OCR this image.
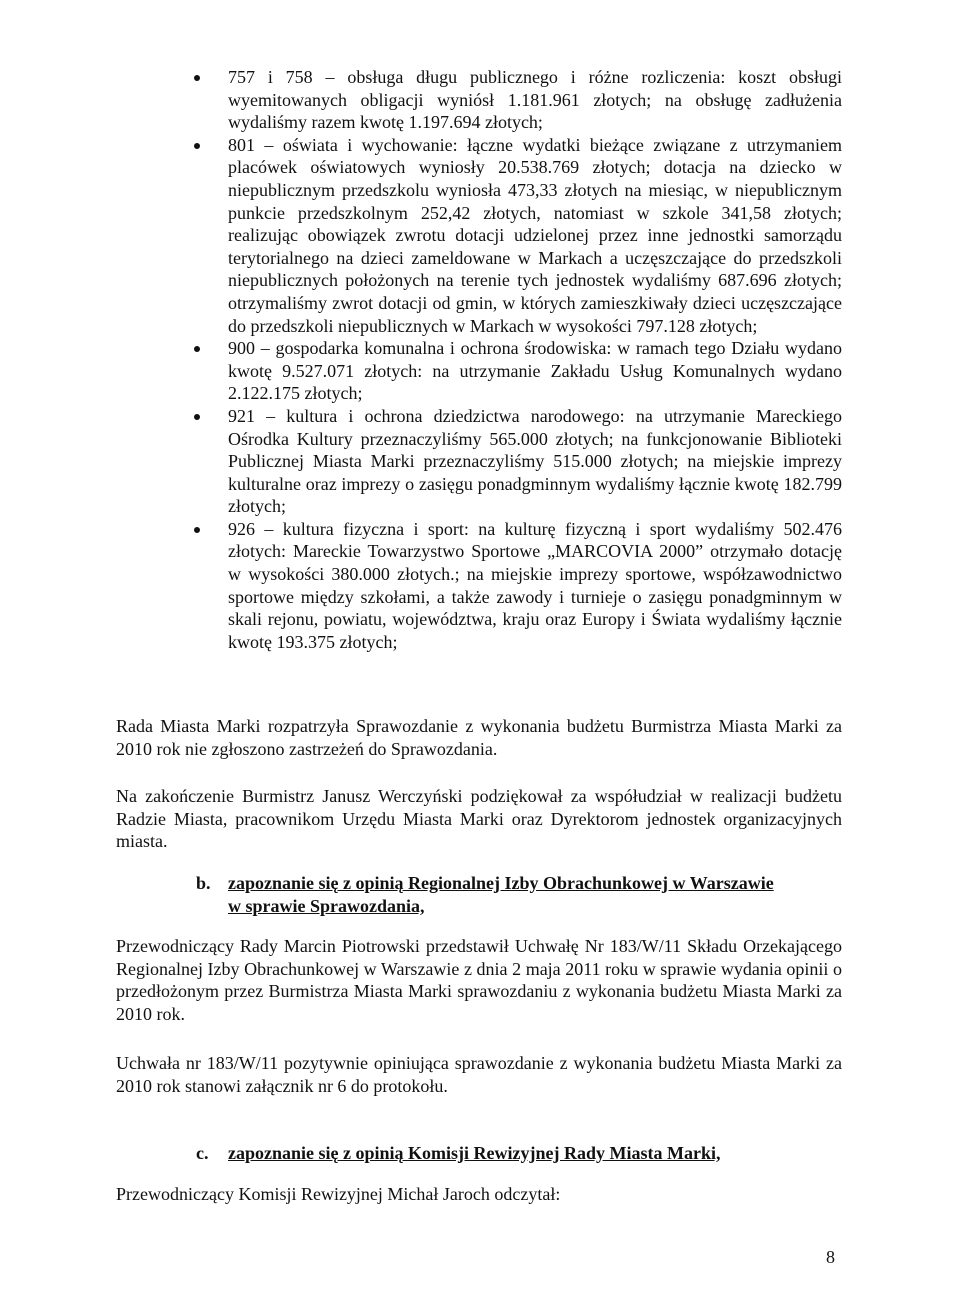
757 i 758 – obsługa długu publicznego i różne rozliczenia: koszt obsługi wyemitowanych obligacji wyniósł 1.181.961 złotych; na obsługę zadłużenia wydaliśmy razem kwotę 1.197.694 złotych;
801 – oświata i wychowanie: łączne wydatki bieżące związane z utrzymaniem placówek oświatowych wyniosły 20.538.769 złotych; dotacja na dziecko w niepublicznym przedszkolu wyniosła 473,33 złotych na miesiąc, w niepublicznym punkcie przedszkolnym 252,42 złotych, natomiast w szkole 341,58 złotych; realizując obowiązek zwrotu dotacji udzielonej przez inne jednostki samorządu terytorialnego na dzieci zameldowane w Markach a uczęszczające do przedszkoli niepublicznych położonych na terenie tych jednostek wydaliśmy 687.696 złotych; otrzymaliśmy zwrot dotacji od gmin, w których zamieszkiwały dzieci uczęszczające do przedszkoli niepublicznych w Markach w wysokości 797.128 złotych;
900 – gospodarka komunalna i ochrona środowiska: w ramach tego Działu wydano kwotę 9.527.071 złotych: na utrzymanie Zakładu Usług Komunalnych wydano 2.122.175 złotych;
921 – kultura i ochrona dziedzictwa narodowego: na utrzymanie Mareckiego Ośrodka Kultury przeznaczyliśmy 565.000 złotych; na funkcjonowanie Biblioteki Publicznej Miasta Marki przeznaczyliśmy 515.000 złotych; na miejskie imprezy kulturalne oraz imprezy o zasięgu ponadgminnym wydaliśmy łącznie kwotę 182.799 złotych;
926 – kultura fizyczna i sport: na kulturę fizyczną i sport wydaliśmy 502.476 złotych: Mareckie Towarzystwo Sportowe „MARCOVIA 2000” otrzymało dotację w wysokości 380.000 złotych.; na miejskie imprezy sportowe, współzawodnictwo sportowe między szkołami, a także zawody i turnieje o zasięgu ponadgminnym w skali rejonu, powiatu, województwa, kraju oraz Europy i Świata wydaliśmy łącznie kwotę 193.375 złotych;

Rada Miasta Marki rozpatrzyła Sprawozdanie z wykonania budżetu Burmistrza Miasta Marki za 2010 rok nie zgłoszono zastrzeżeń do Sprawozdania.

Na zakończenie Burmistrz Janusz Werczyński podziękował za współudział w realizacji budżetu Radzie Miasta, pracownikom Urzędu Miasta Marki oraz Dyrektorom jednostek organizacyjnych miasta.

b. zapoznanie się z opinią Regionalnej Izby Obrachunkowej w Warszawie
w sprawie Sprawozdania,

Przewodniczący Rady Marcin Piotrowski przedstawił Uchwałę Nr 183/W/11 Składu Orzekającego Regionalnej Izby Obrachunkowej w Warszawie z dnia 2 maja 2011 roku w sprawie wydania opinii o przedłożonym przez Burmistrza Miasta Marki sprawozdaniu z wykonania budżetu Miasta Marki za 2010 rok.

Uchwała nr 183/W/11 pozytywnie opiniująca sprawozdanie z wykonania budżetu Miasta Marki za 2010 rok stanowi załącznik nr 6 do protokołu.

c. zapoznanie się z opinią Komisji Rewizyjnej Rady Miasta Marki,

Przewodniczący Komisji Rewizyjnej Michał Jaroch odczytał:

8
